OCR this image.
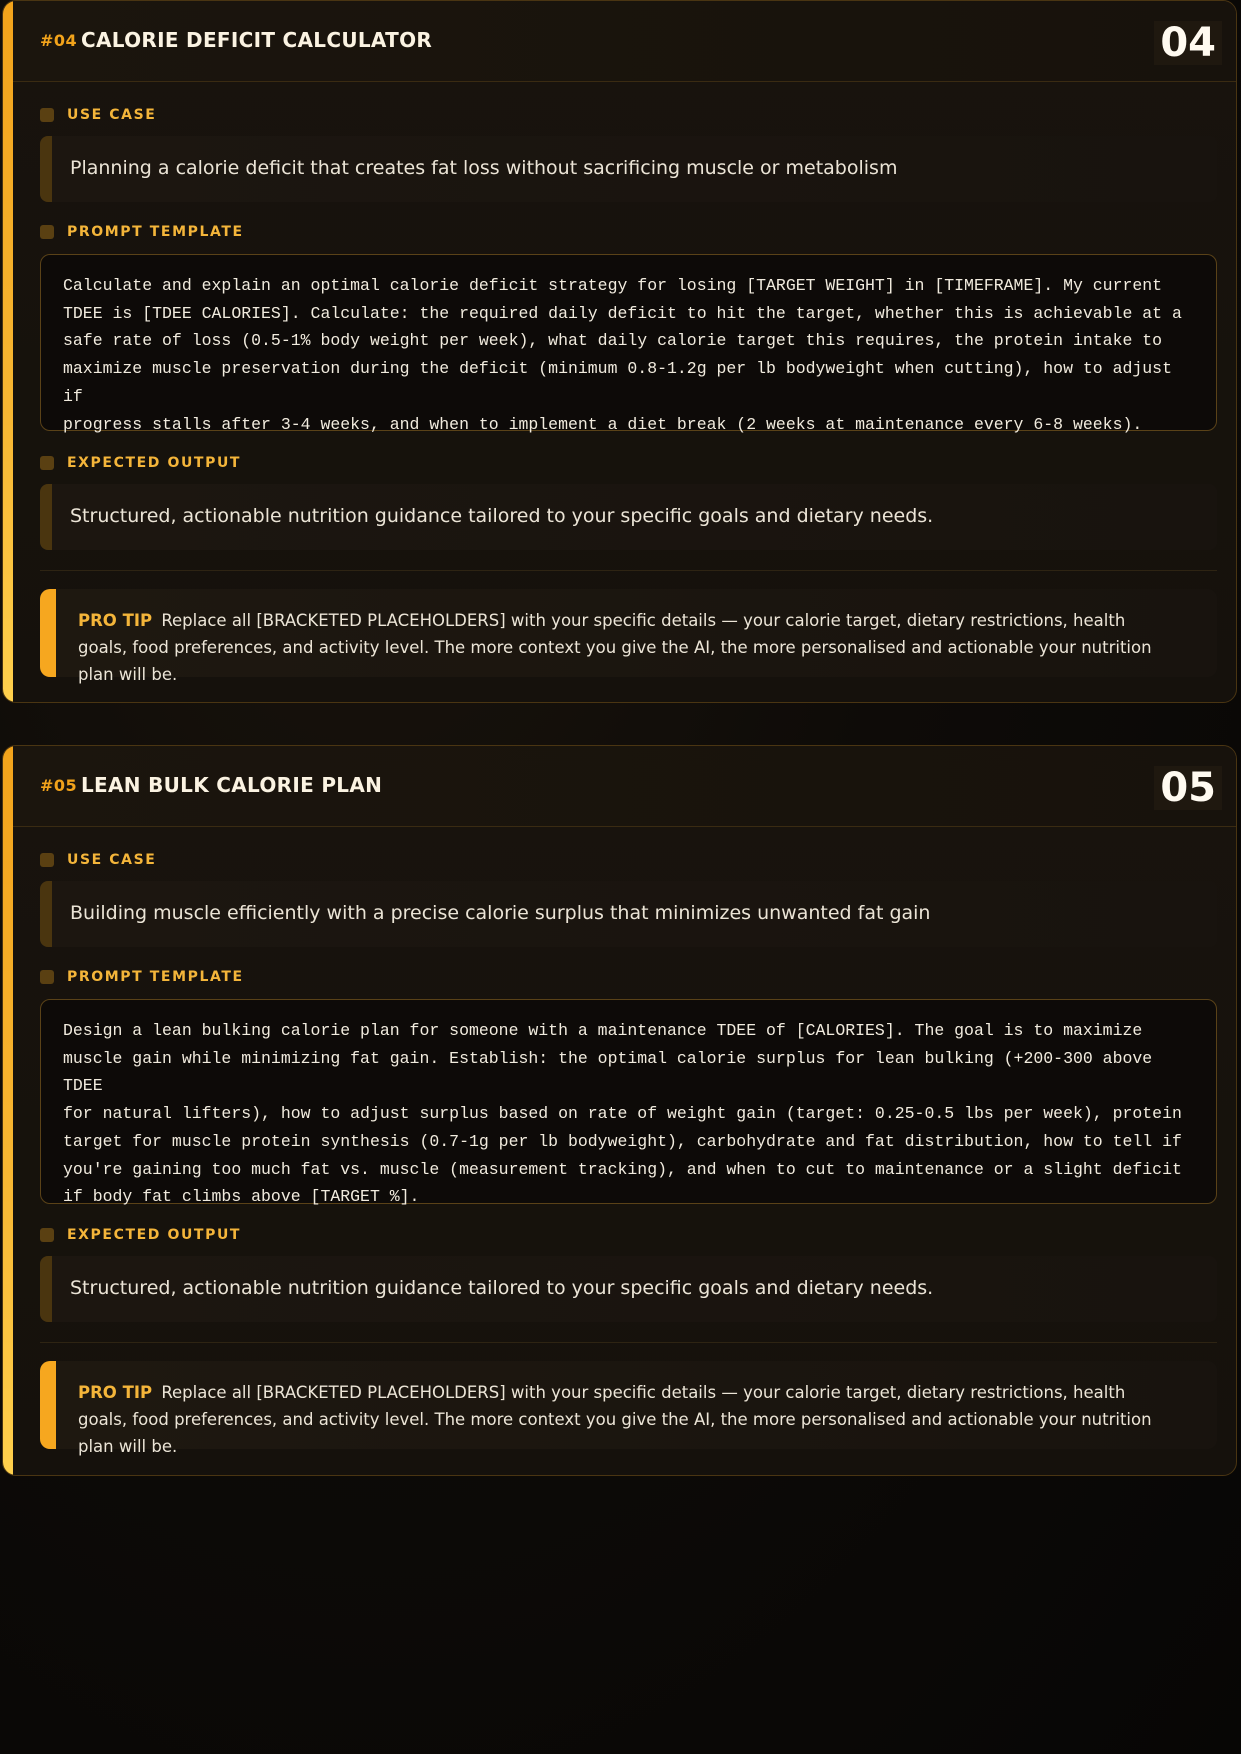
#04 CALORIE DEFICIT CALCULATOR	04
USE CASE
Planning a calorie deficit that creates fat loss without sacrificing muscle or metabolism
PROMPT TEMPLATE
Calculate and explain an optimal calorie deficit strategy for losing [TARGET WEIGHT] in [TIMEFRAME]. My current
TDEE is [TDEE CALORIES]. Calculate: the required daily deficit to hit the target, whether this is achievable at a
safe rate of loss (0.5-1% body weight per week), what daily calorie target this requires, the protein intake to
maximize muscle preservation during the deficit (minimum 0.8-1.2g per lb bodyweight when cutting), how to adjust if
progress stalls after 3-4 weeks, and when to implement a diet break (2 weeks at maintenance every 6-8 weeks).
EXPECTED OUTPUT
Structured, actionable nutrition guidance tailored to your specific goals and dietary needs.
PRO TIP Replace all [BRACKETED PLACEHOLDERS] with your specific details — your calorie target, dietary restrictions, health goals, food preferences, and activity level. The more context you give the AI, the more personalised and actionable your nutrition plan will be.
#05 LEAN BULK CALORIE PLAN	05
USE CASE
Building muscle efficiently with a precise calorie surplus that minimizes unwanted fat gain
PROMPT TEMPLATE
Design a lean bulking calorie plan for someone with a maintenance TDEE of [CALORIES]. The goal is to maximize
muscle gain while minimizing fat gain. Establish: the optimal calorie surplus for lean bulking (+200-300 above TDEE
for natural lifters), how to adjust surplus based on rate of weight gain (target: 0.25-0.5 lbs per week), protein
target for muscle protein synthesis (0.7-1g per lb bodyweight), carbohydrate and fat distribution, how to tell if
you're gaining too much fat vs. muscle (measurement tracking), and when to cut to maintenance or a slight deficit
if body fat climbs above [TARGET %].
EXPECTED OUTPUT
Structured, actionable nutrition guidance tailored to your specific goals and dietary needs.
PRO TIP Replace all [BRACKETED PLACEHOLDERS] with your specific details — your calorie target, dietary restrictions, health goals, food preferences, and activity level. The more context you give the AI, the more personalised and actionable your nutrition plan will be.
